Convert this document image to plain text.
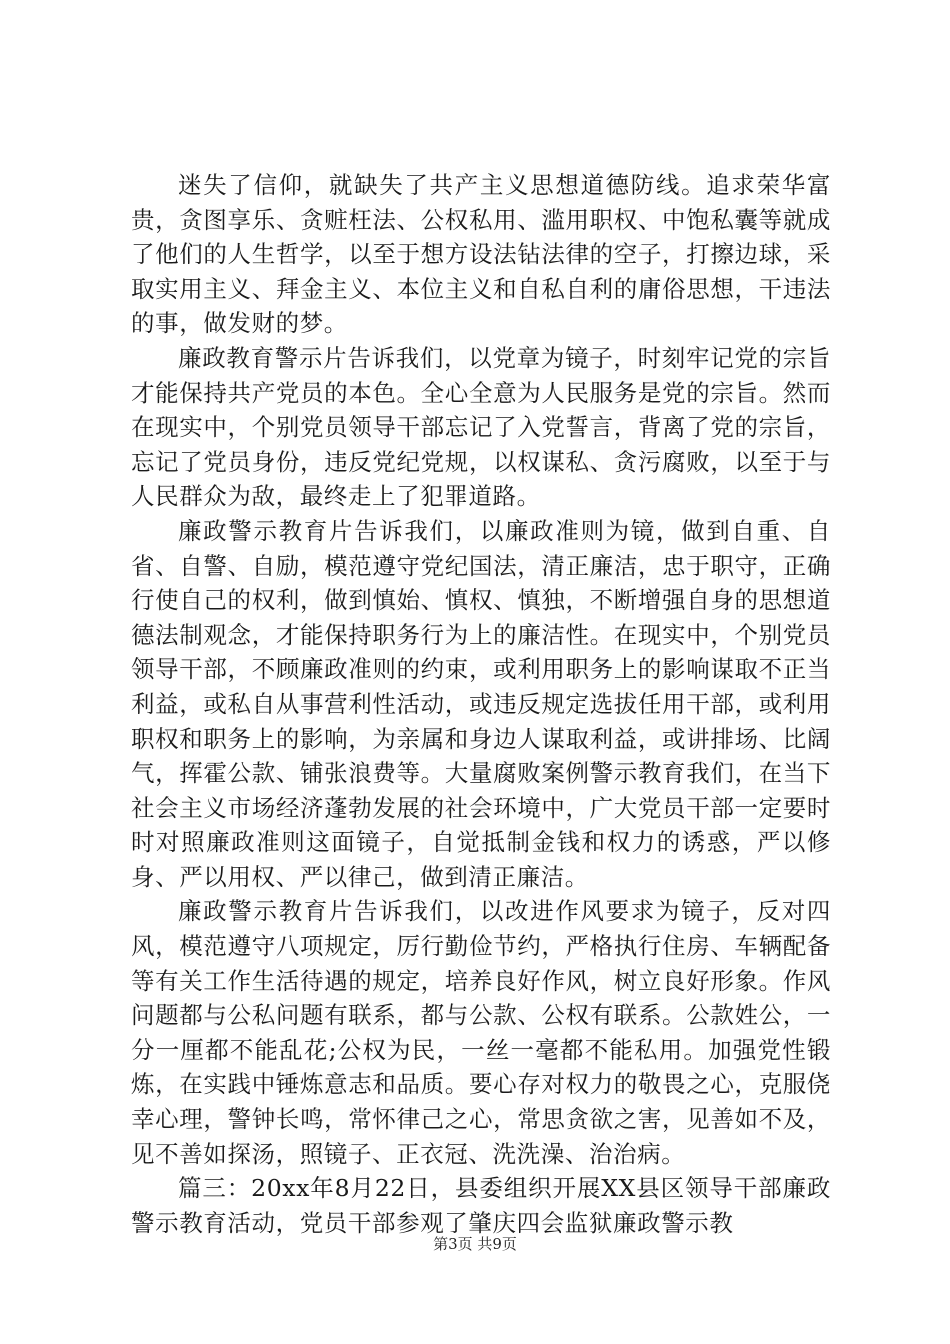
迷失了信仰，就缺失了共产主义思想道德防线。追求荣华富贵，贪图享乐、贪赃枉法、公权私用、滥用职权、中饱私囊等就成了他们的人生哲学，以至于想方设法钻法律的空子，打擦边球，采取实用主义、拜金主义、本位主义和自私自利的庸俗思想，干违法的事，做发财的梦。

廉政教育警示片告诉我们，以党章为镜子，时刻牢记党的宗旨才能保持共产党员的本色。全心全意为人民服务是党的宗旨。然而在现实中，个别党员领导干部忘记了入党誓言，背离了党的宗旨，忘记了党员身份，违反党纪党规，以权谋私、贪污腐败，以至于与人民群众为敌，最终走上了犯罪道路。

廉政警示教育片告诉我们，以廉政准则为镜，做到自重、自省、自警、自励，模范遵守党纪国法，清正廉洁，忠于职守，正确行使自己的权利，做到慎始、慎权、慎独，不断增强自身的思想道德法制观念，才能保持职务行为上的廉洁性。在现实中，个别党员领导干部，不顾廉政准则的约束，或利用职务上的影响谋取不正当利益，或私自从事营利性活动，或违反规定选拔任用干部，或利用职权和职务上的影响，为亲属和身边人谋取利益，或讲排场、比阔气，挥霍公款、铺张浪费等。大量腐败案例警示教育我们，在当下社会主义市场经济蓬勃发展的社会环境中，广大党员干部一定要时时对照廉政准则这面镜子，自觉抵制金钱和权力的诱惑，严以修身、严以用权、严以律己，做到清正廉洁。

廉政警示教育片告诉我们，以改进作风要求为镜子，反对四风，模范遵守八项规定，厉行勤俭节约，严格执行住房、车辆配备等有关工作生活待遇的规定，培养良好作风，树立良好形象。作风问题都与公私问题有联系，都与公款、公权有联系。公款姓公，一分一厘都不能乱花;公权为民，一丝一毫都不能私用。加强党性锻炼，在实践中锤炼意志和品质。要心存对权力的敬畏之心，克服侥幸心理，警钟长鸣，常怀律己之心，常思贪欲之害，见善如不及，见不善如探汤，照镜子、正衣冠、洗洗澡、治治病。

篇三：20xx年8月22日，县委组织开展XX县区领导干部廉政警示教育活动，党员干部参观了肇庆四会监狱廉政警示教

第3页 共9页
